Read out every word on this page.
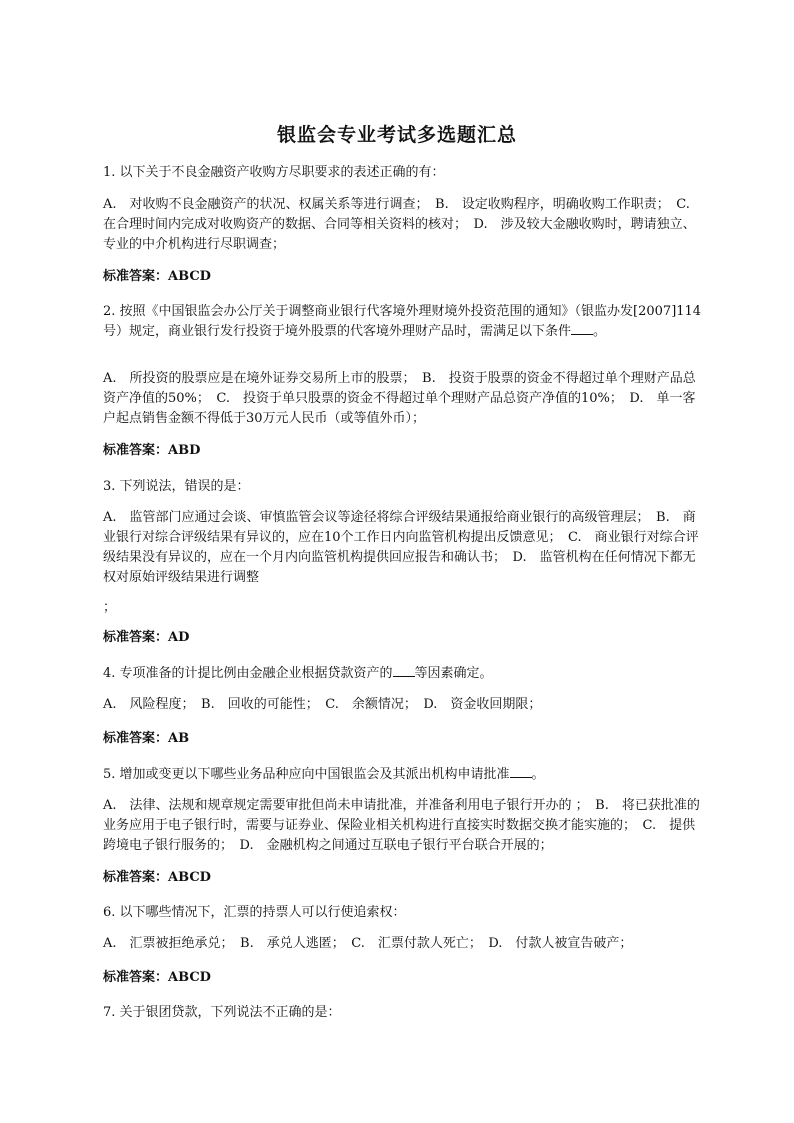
银监会专业考试多选题汇总
1. 以下关于不良金融资产收购方尽职要求的表述正确的有：
A.　对收购不良金融资产的状况、权属关系等进行调查；　B.　设定收购程序，明确收购工作职责；　C.　在合理时间内完成对收购资产的数据、合同等相关资料的核对；　D.　涉及较大金融收购时，聘请独立、专业的中介机构进行尽职调查；
标准答案：ABCD
2. 按照《中国银监会办公厅关于调整商业银行代客境外理财境外投资范围的通知》（银监办发[2007]114号）规定，商业银行发行投资于境外股票的代客境外理财产品时，需满足以下条件 。
A.　所投资的股票应是在境外证券交易所上市的股票；　B.　投资于股票的资金不得超过单个理财产品总资产净值的50%；　C.　投资于单只股票的资金不得超过单个理财产品总资产净值的10%；　D.　单一客户起点销售金额不得低于30万元人民币（或等值外币）；
标准答案：ABD
3. 下列说法，错误的是：
A.　监管部门应通过会谈、审慎监管会议等途径将综合评级结果通报给商业银行的高级管理层；　B.　商业银行对综合评级结果有异议的，应在10个工作日内向监管机构提出反馈意见；　C.　商业银行对综合评级结果没有异议的，应在一个月内向监管机构提供回应报告和确认书；　D.　监管机构在任何情况下都无权对原始评级结果进行调整
；
标准答案：AD
4. 专项准备的计提比例由金融企业根据贷款资产的 等因素确定。
A.　风险程度；　B.　回收的可能性；　C.　余额情况；　D.　资金收回期限；
标准答案：AB
5. 增加或变更以下哪些业务品种应向中国银监会及其派出机构申请批准 。
A.　法律、法规和规章规定需要审批但尚未申请批准，并准备利用电子银行开办的 ；　B.　将已获批准的业务应用于电子银行时，需要与证券业、保险业相关机构进行直接实时数据交换才能实施的；　C.　提供跨境电子银行服务的；　D.　金融机构之间通过互联电子银行平台联合开展的；
标准答案：ABCD
6. 以下哪些情况下，汇票的持票人可以行使追索权：
A.　汇票被拒绝承兑；　B.　承兑人逃匿；　C.　汇票付款人死亡；　D.　付款人被宣告破产；
标准答案：ABCD
7. 关于银团贷款，下列说法不正确的是：
